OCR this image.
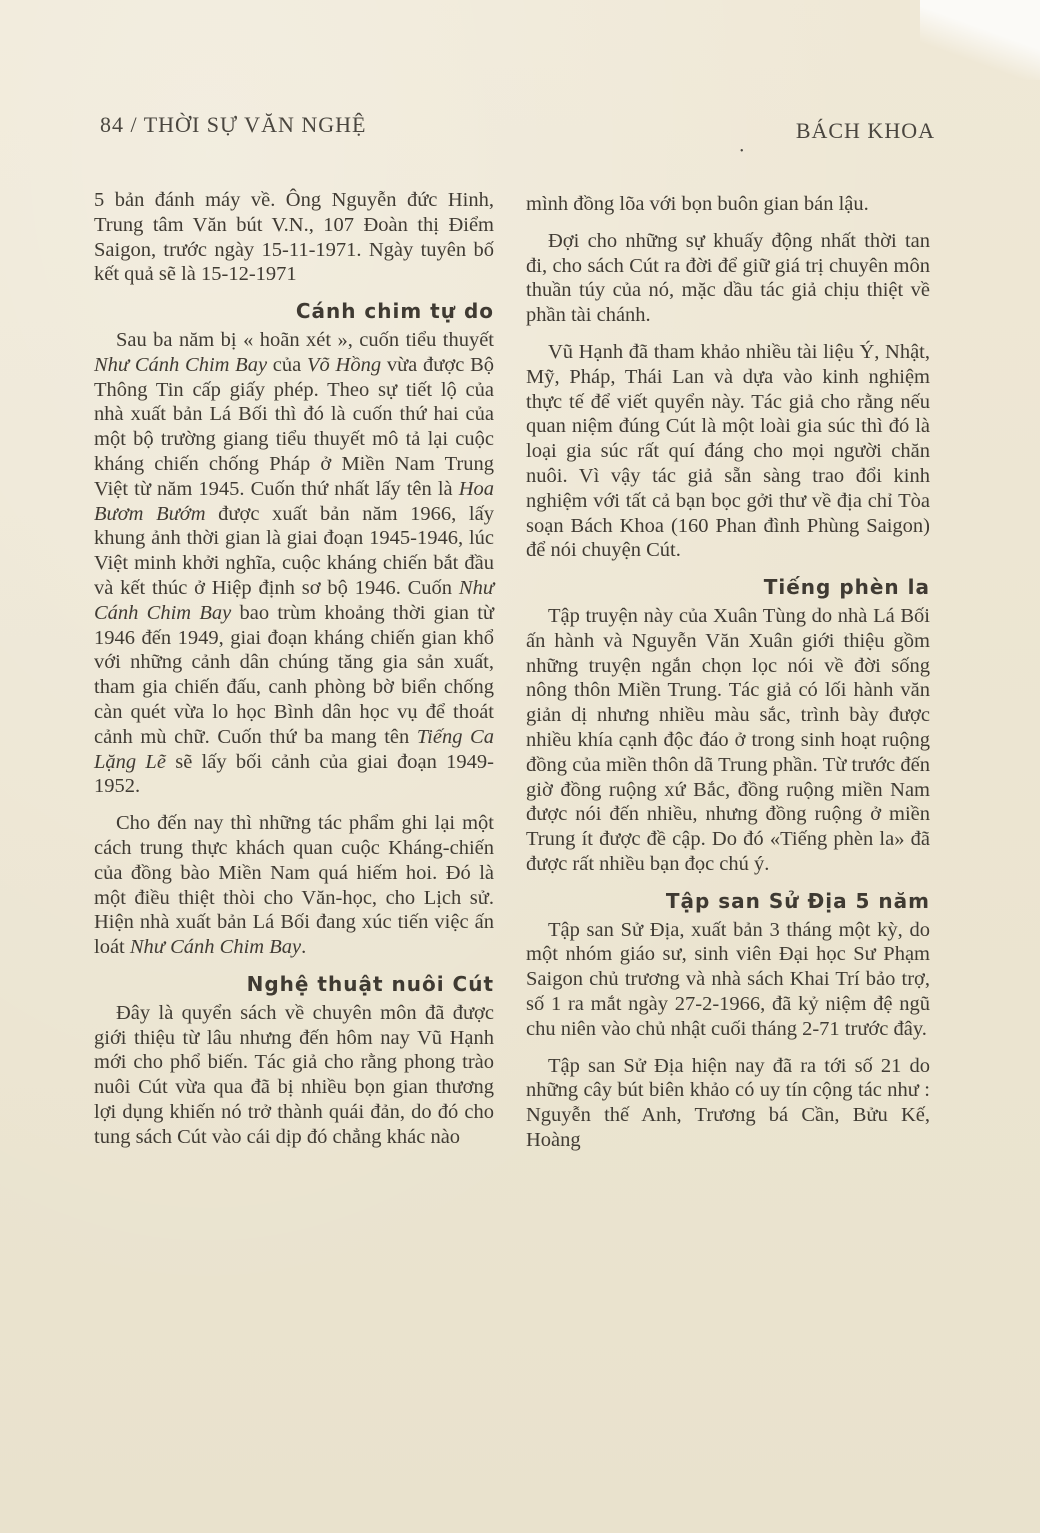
84 / THỜI SỰ VĂN NGHỆ
•
BÁCH KHOA

5 bản đánh máy về. Ông Nguyễn đức Hinh, Trung tâm Văn bút V.N., 107 Đoàn thị Điểm Saigon, trước ngày 15-11-1971. Ngày tuyên bố kết quả sẽ là 15-12-1971

Cánh chim tự do

Sau ba năm bị « hoãn xét », cuốn tiểu thuyết Như Cánh Chim Bay của Võ Hồng vừa được Bộ Thông Tin cấp giấy phép. Theo sự tiết lộ của nhà xuất bản Lá Bối thì đó là cuốn thứ hai của một bộ trường giang tiểu thuyết mô tả lại cuộc kháng chiến chống Pháp ở Miền Nam Trung Việt từ năm 1945. Cuốn thứ nhất lấy tên là Hoa Bươm Bướm được xuất bản năm 1966, lấy khung ảnh thời gian là giai đoạn 1945-1946, lúc Việt minh khởi nghĩa, cuộc kháng chiến bắt đầu và kết thúc ở Hiệp định sơ bộ 1946. Cuốn Như Cánh Chim Bay bao trùm khoảng thời gian từ 1946 đến 1949, giai đoạn kháng chiến gian khổ với những cảnh dân chúng tăng gia sản xuất, tham gia chiến đấu, canh phòng bờ biển chống càn quét vừa lo học Bình dân học vụ để thoát cảnh mù chữ. Cuốn thứ ba mang tên Tiếng Ca Lặng Lẽ sẽ lấy bối cảnh của giai đoạn 1949-1952.

Cho đến nay thì những tác phẩm ghi lại một cách trung thực khách quan cuộc Kháng-chiến của đồng bào Miền Nam quá hiếm hoi. Đó là một điều thiệt thòi cho Văn-học, cho Lịch sử. Hiện nhà xuất bản Lá Bối đang xúc tiến việc ấn loát Như Cánh Chim Bay.

Nghệ thuật nuôi Cút

Đây là quyển sách về chuyên môn đã được giới thiệu từ lâu nhưng đến hôm nay Vũ Hạnh mới cho phổ biến. Tác giả cho rằng phong trào nuôi Cút vừa qua đã bị nhiều bọn gian thương lợi dụng khiến nó trở thành quái đản, do đó cho tung sách Cút vào cái dịp đó chẳng khác nào

mình đồng lõa với bọn buôn gian bán lậu.

Đợi cho những sự khuấy động nhất thời tan đi, cho sách Cút ra đời để giữ giá trị chuyên môn thuần túy của nó, mặc dầu tác giả chịu thiệt về phần tài chánh.

Vũ Hạnh đã tham khảo nhiều tài liệu Ý, Nhật, Mỹ, Pháp, Thái Lan và dựa vào kinh nghiệm thực tế để viết quyển này. Tác giả cho rằng nếu quan niệm đúng Cút là một loài gia súc thì đó là loại gia súc rất quí đáng cho mọi người chăn nuôi. Vì vậy tác giả sẵn sàng trao đổi kinh nghiệm với tất cả bạn bọc gởi thư về địa chỉ Tòa soạn Bách Khoa (160 Phan đình Phùng Saigon) để nói chuyện Cút.

Tiếng phèn la

Tập truyện này của Xuân Tùng do nhà Lá Bối ấn hành và Nguyễn Văn Xuân giới thiệu gồm những truyện ngắn chọn lọc nói về đời sống nông thôn Miền Trung. Tác giả có lối hành văn giản dị nhưng nhiều màu sắc, trình bày được nhiều khía cạnh độc đáo ở trong sinh hoạt ruộng đồng của miền thôn dã Trung phần. Từ trước đến giờ đồng ruộng xứ Bắc, đồng ruộng miền Nam được nói đến nhiều, nhưng đồng ruộng ở miền Trung ít được đề cập. Do đó «Tiếng phèn la» đã được rất nhiều bạn đọc chú ý.

Tập san Sử Địa 5 năm

Tập san Sử Địa, xuất bản 3 tháng một kỳ, do một nhóm giáo sư, sinh viên Đại học Sư Phạm Saigon chủ trương và nhà sách Khai Trí bảo trợ, số 1 ra mắt ngày 27-2-1966, đã kỷ niệm đệ ngũ chu niên vào chủ nhật cuối tháng 2-71 trước đây.

Tập san Sử Địa hiện nay đã ra tới số 21 do những cây bút biên khảo có uy tín cộng tác như : Nguyễn thế Anh, Trương bá Cần, Bửu Kế, Hoàng
